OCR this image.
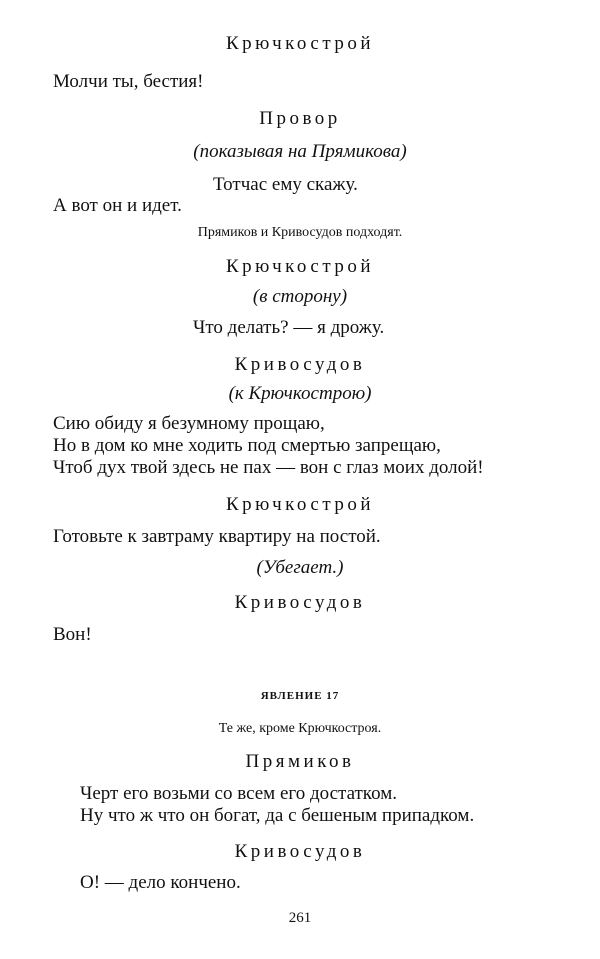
Крючкострой
Молчи ты, бестия!
Провор
(показывая на Прямикова)
Тотчас ему скажу.
А вот он и идет.
Прямиков и Кривосудов подходят.
Крючкострой
(в сторону)
Что делать? — я дрожу.
Кривосудов
(к Крючкострою)
Сию обиду я безумному прощаю,
Но в дом ко мне ходить под смертью запрещаю,
Чтоб дух твой здесь не пах — вон с глаз моих долой!
Крючкострой
Готовьте к завтраму квартиру на постой.
(Убегает.)
Кривосудов
Вон!
ЯВЛЕНИЕ 17
Те же, кроме Крючкостроя.
Прямиков
Черт его возьми со всем его достатком.
Ну что ж что он богат, да с бешеным припадком.
Кривосудов
О! — дело кончено.
261
